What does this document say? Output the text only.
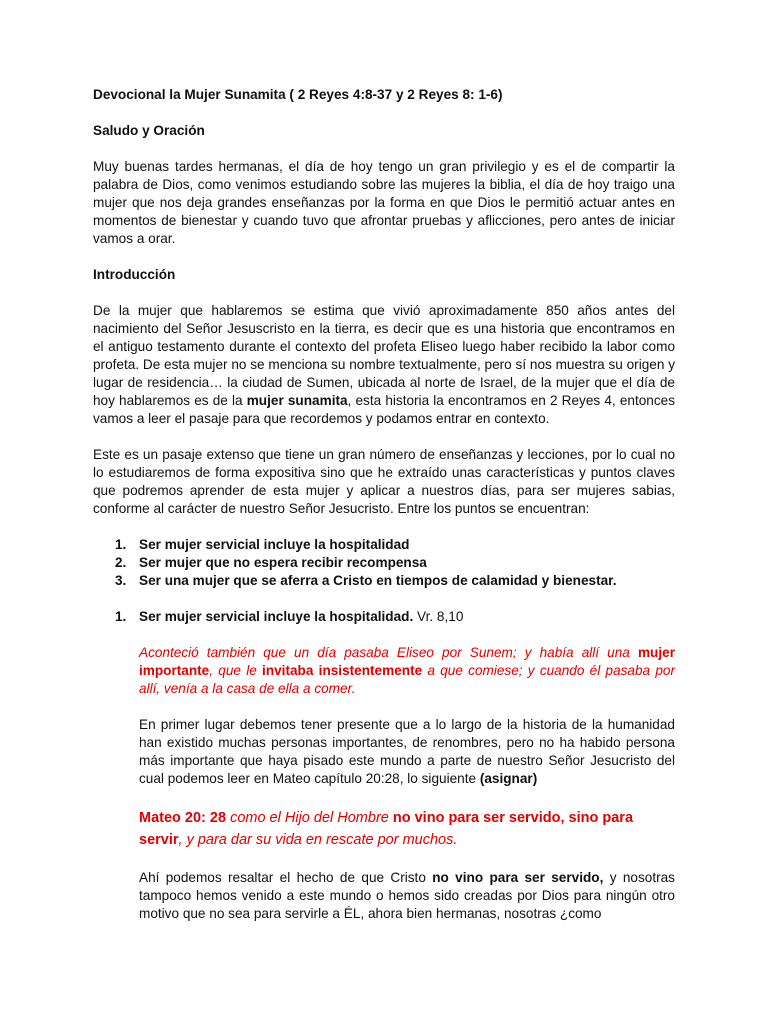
Devocional la Mujer Sunamita ( 2 Reyes 4:8-37 y 2 Reyes 8: 1-6)

Saludo y Oración

Muy buenas tardes hermanas, el día de hoy tengo un gran privilegio y es el de compartir la palabra de Dios, como venimos estudiando sobre las mujeres la biblia, el día de hoy traigo una mujer que nos deja grandes enseñanzas por la forma en que Dios le permitió actuar antes en momentos de bienestar y cuando tuvo que afrontar pruebas y aflicciones, pero antes de iniciar vamos a orar.

Introducción

De la mujer que hablaremos se estima que vivió aproximadamente 850 años antes del nacimiento del Señor Jesuscristo en la tierra, es decir que es una historia que encontramos en el antiguo testamento durante el contexto del profeta Eliseo luego haber recibido la labor como profeta. De esta mujer no se menciona su nombre textualmente, pero sí nos muestra su origen y lugar de residencia… la ciudad de Sumen, ubicada al norte de Israel, de la mujer que el día de hoy hablaremos es de la mujer sunamita, esta historia la encontramos en 2 Reyes 4, entonces vamos a leer el pasaje para que recordemos y podamos entrar en contexto.

Este es un pasaje extenso que tiene un gran número de enseñanzas y lecciones, por lo cual no lo estudiaremos de forma expositiva sino que he extraído unas características y puntos claves que podremos aprender de esta mujer y aplicar a nuestros días, para ser mujeres sabias, conforme al carácter de nuestro Señor Jesucristo. Entre los puntos se encuentran:

1. Ser mujer servicial incluye la hospitalidad
2. Ser mujer que no espera recibir recompensa
3. Ser una mujer que se aferra a Cristo en tiempos de calamidad y bienestar.

1. Ser mujer servicial incluye la hospitalidad. Vr. 8,10

Aconteció también que un día pasaba Eliseo por Sunem; y había allí una mujer importante, que le invitaba insistentemente a que comiese; y cuando él pasaba por allí, venía a la casa de ella a comer.

En primer lugar debemos tener presente que a lo largo de la historia de la humanidad han existido muchas personas importantes, de renombres, pero no ha habido persona más importante que haya pisado este mundo a parte de nuestro Señor Jesucristo del cual podemos leer en Mateo capítulo 20:28, lo siguiente (asignar)

Mateo 20: 28 como el Hijo del Hombre no vino para ser servido, sino para servir, y para dar su vida en rescate por muchos.

Ahí podemos resaltar el hecho de que Cristo no vino para ser servido, y nosotras tampoco hemos venido a este mundo o hemos sido creadas por Dios para ningún otro motivo que no sea para servirle a ÉL, ahora bien hermanas, nosotras ¿como
